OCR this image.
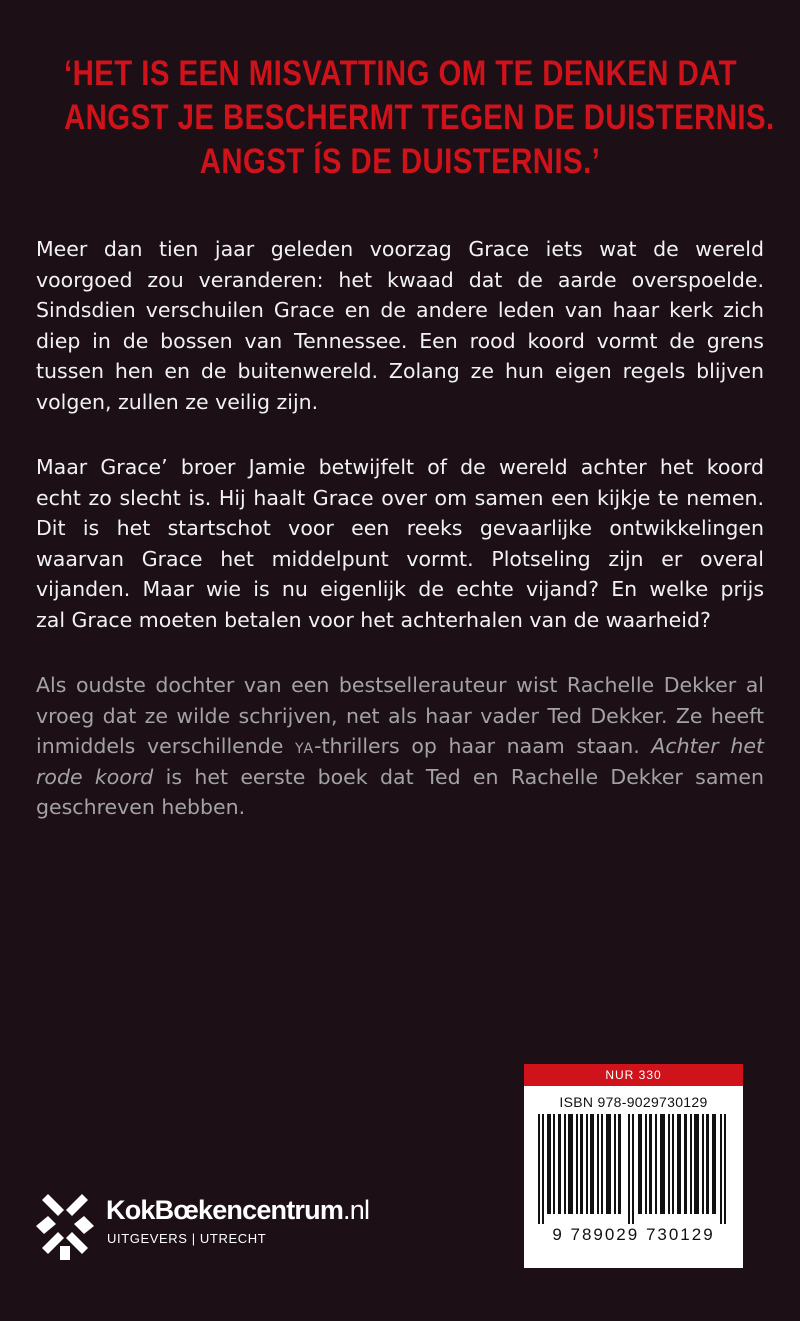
‘HET IS EEN MISVATTING OM TE DENKEN DAT
ANGST JE BESCHERMT TEGEN DE DUISTERNIS.
ANGST ÍS DE DUISTERNIS.’
Meer dan tien jaar geleden voorzag Grace iets wat de wereld
voorgoed zou veranderen: het kwaad dat de aarde overspoelde.
Sindsdien verschuilen Grace en de andere leden van haar kerk zich
diep in de bossen van Tennessee. Een rood koord vormt de grens
tussen hen en de buitenwereld. Zolang ze hun eigen regels blijven
volgen, zullen ze veilig zijn.
Maar Grace’ broer Jamie betwijfelt of de wereld achter het koord
echt zo slecht is. Hij haalt Grace over om samen een kijkje te nemen.
Dit is het startschot voor een reeks gevaarlijke ontwikkelingen
waarvan Grace het middelpunt vormt. Plotseling zijn er overal
vijanden. Maar wie is nu eigenlijk de echte vijand? En welke prijs
zal Grace moeten betalen voor het achterhalen van de waarheid?
Als oudste dochter van een bestsellerauteur wist Rachelle Dekker al
vroeg dat ze wilde schrijven, net als haar vader Ted Dekker. Ze heeft
inmiddels verschillende ya-thrillers op haar naam staan. Achter het
rode koord is het eerste boek dat Ted en Rachelle Dekker samen
geschreven hebben.
KokBœkencentrum.nl
UITGEVERS | UTRECHT
NUR 330
ISBN 978-9029730129
9 789029 730129
